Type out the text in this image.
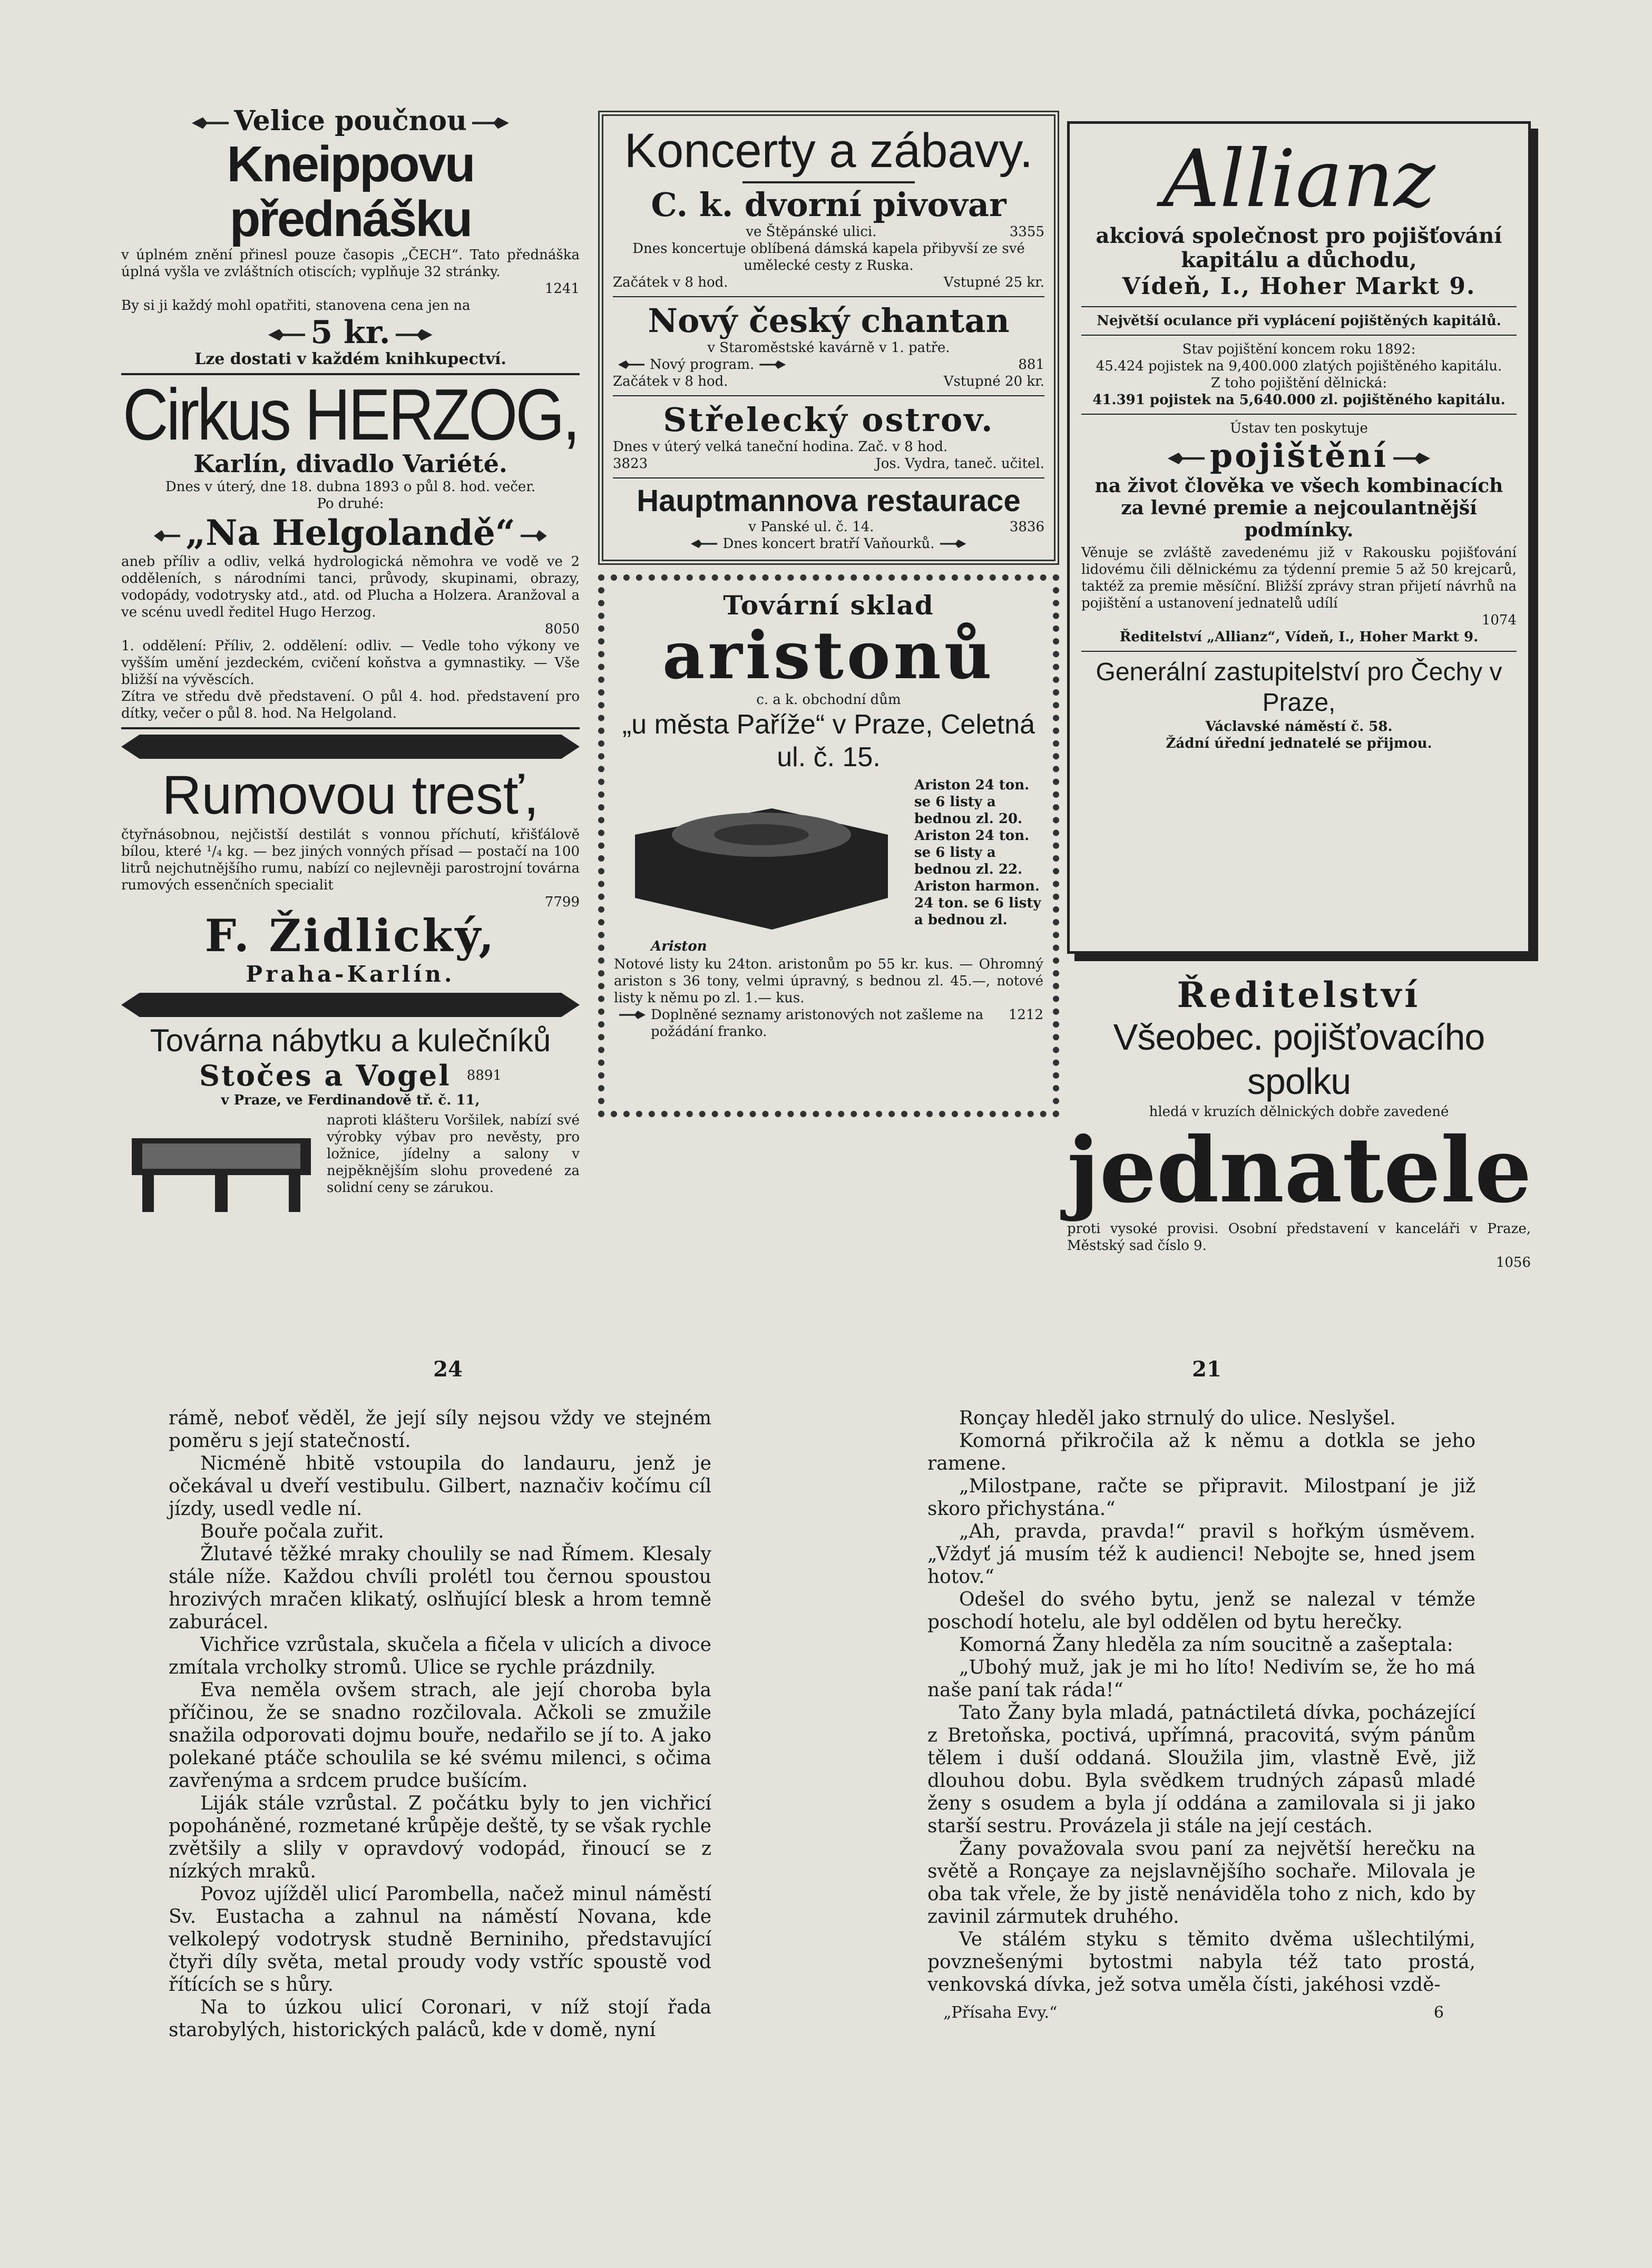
Velice poučnou
Kneippovu přednášku

v úplném znění přinesl pouze časopis „ČECH“. Tato přednáška úplná vyšla ve zvláštních otiscích; vyplňuje 32 stránky.

1241

By si ji každý mohl opatřiti, stanovena cena jen na

5 kr.
Lze dostati v každém knihkupectví.
Cirkus HERZOG,
Karlín, divadlo Variété.
Dnes v úterý, dne 18. dubna 1893 o půl 8. hod. večer.
Po druhé:
„Na Helgolandě“

aneb příliv a odliv, velká hydrologická němohra ve vodě ve 2 odděleních, s národními tanci, průvody, skupinami, obrazy, vodopády, vodotrysky atd., atd. od Plucha a Holzera. Aranžoval a ve scénu uvedl ředitel Hugo Herzog.

8050

1. oddělení: Příliv, 2. oddělení: odliv. — Vedle toho výkony ve vyšším umění jezdeckém, cvičení koňstva a gymnastiky. — Vše bližší na vývěscích.

Zítra ve středu dvě představení. O půl 4. hod. představení pro dítky, večer o půl 8. hod. Na Helgoland.

Rumovou tresť,

čtyřnásobnou, nejčistší destilát s vonnou příchutí, křišťálově bílou, které ¹/₄ kg. — bez jiných vonných přísad — postačí na 100 litrů nejchutnějšího rumu, nabízí co nejlevněji parostrojní továrna rumových essenčních specialit

7799
F. Židlický,
Praha-Karlín.
Továrna nábytku a kulečníků
Stočes a Vogel 8891
v Praze, ve Ferdinandově tř. č. 11,

naproti klášteru Voršilek, nabízí své výrobky výbav pro nevěsty, pro ložnice, jídelny a salony v nejpěknějším slohu provedené za solidní ceny se zárukou.

Koncerty a zábavy.
C. k. dvorní pivovar
ve Štěpánské ulici.	3355

Dnes koncertuje oblíbená dámská kapela přibyvší ze své umělecké cesty z Ruska.

Začátek v 8 hod.	Vstupné 25 kr.
Nový český chantan
v Staroměstské kavárně v 1. patře.
Nový program.	881
Začátek v 8 hod.	Vstupné 20 kr.
Střelecký ostrov.

Dnes v úterý velká taneční hodina. Zač. v 8 hod.

3823	Jos. Vydra, taneč. učitel.
Hauptmannova restaurace
v Panské ul. č. 14.	3836
Dnes koncert bratří Vaňourků.
Tovární sklad
aristonů
c. a k. obchodní dům
„u města Paříže“ v Praze, Celetná ul. č. 15.
Ariston

Ariston 24 ton. se 6 listy a bednou zl. 20. Ariston 24 ton. se 6 listy a bednou zl. 22. Ariston harmon. 24 ton. se 6 listy a bednou zl.

Notové listy ku 24ton. aristonům po 55 kr. kus. — Ohromný ariston s 36 tony, velmi úpravný, s bednou zl. 45.—, notové listy k němu po zl. 1.— kus.

Doplněné seznamy aristonových not zašleme na požádání franko.
1212
Allianz
akciová společnost pro pojišťování kapitálu a důchodu,
Vídeň, I., Hoher Markt 9.
Největší oculance při vyplácení pojištěných kapitálů.
Stav pojištění koncem roku 1892:
45.424 pojistek na 9,400.000 zlatých pojištěného kapitálu.
Z toho pojištění dělnická:
41.391 pojistek na 5,640.000 zl. pojištěného kapitálu.
Ústav ten poskytuje
pojištění

na život člověka ve všech kombinacích za levné premie a nejcoulantnější podmínky.

Věnuje se zvláště zavedenému již v Rakousku pojišťování lidovému čili dělnickému za týdenní premie 5 až 50 krejcarů, taktéž za premie měsíční. Bližší zprávy stran přijetí návrhů na pojištění a ustanovení jednatelů udílí

1074
Ředitelství „Allianz“, Vídeň, I., Hoher Markt 9.
Generální zastupitelství pro Čechy v Praze,
Václavské náměstí č. 58.
Žádní úřední jednatelé se přijmou.
Ředitelství
Všeobec. pojišťovacího spolku
hledá v kruzích dělnických dobře zavedené
jednatele

proti vysoké provisi. Osobní představení v kanceláři v Praze, Městský sad číslo 9.

1056
24	21

rámě, neboť věděl, že její síly nejsou vždy ve stejném poměru s její statečností.

Nicméně hbitě vstoupila do landauru, jenž je očekával u dveří vestibulu. Gilbert, naznačiv kočímu cíl jízdy, usedl vedle ní.

Bouře počala zuřit.

Žlutavé těžké mraky choulily se nad Římem. Klesaly stále níže. Každou chvíli prolétl tou černou spoustou hrozivých mračen klikatý, oslňující blesk a hrom temně zaburácel.

Vichřice vzrůstala, skučela a fičela v ulicích a divoce zmítala vrcholky stromů. Ulice se rychle prázdnily.

Eva neměla ovšem strach, ale její choroba byla příčinou, že se snadno rozčilovala. Ačkoli se zmužile snažila odporovati dojmu bouře, nedařilo se jí to. A jako polekané ptáče schoulila se ké svému milenci, s očima zavřenýma a srdcem prudce bušícím.

Liják stále vzrůstal. Z počátku byly to jen vichřicí popoháněné, rozmetané krůpěje deště, ty se však rychle zvětšily a slily v opravdový vodopád, řinoucí se z nízkých mraků.

Povoz ujížděl ulicí Parombella, načež minul náměstí Sv. Eustacha a zahnul na náměstí Novana, kde velkolepý vodotrysk studně Berniniho, představující čtyři díly světa, metal proudy vody vstříc spoustě vod řítících se s hůry.

Na to úzkou ulicí Coronari, v níž stojí řada starobylých, historických paláců, kde v domě, nyní

Ronçay hleděl jako strnulý do ulice. Neslyšel.

Komorná přikročila až k němu a dotkla se jeho ramene.

„Milostpane, račte se připravit. Milostpaní je již skoro přichystána.“

„Ah, pravda, pravda!“ pravil s hořkým úsměvem. „Vždyť já musím též k audienci! Nebojte se, hned jsem hotov.“

Odešel do svého bytu, jenž se nalezal v témže poschodí hotelu, ale byl oddělen od bytu herečky.

Komorná Žany hleděla za ním soucitně a zašeptala:

„Ubohý muž, jak je mi ho líto! Nedivím se, že ho má naše paní tak ráda!“

Tato Žany byla mladá, patnáctiletá dívka, pocházející z Bretoňska, poctivá, upřímná, pracovitá, svým pánům tělem i duší oddaná. Sloužila jim, vlastně Evě, již dlouhou dobu. Byla svědkem trudných zápasů mladé ženy s osudem a byla jí oddána a zamilovala si ji jako starší sestru. Provázela ji stále na její cestách.

Žany považovala svou paní za největší herečku na světě a Ronçaye za nejslavnějšího sochaře. Milovala je oba tak vřele, že by jistě nenáviděla toho z nich, kdo by zavinil zármutek druhého.

Ve stálém styku s těmito dvěma ušlechtilými, povznešenými bytostmi nabyla též tato prostá, venkovská dívka, jež sotva uměla čísti, jakéhosi vzdě-

„Přísaha Evy.“	6
